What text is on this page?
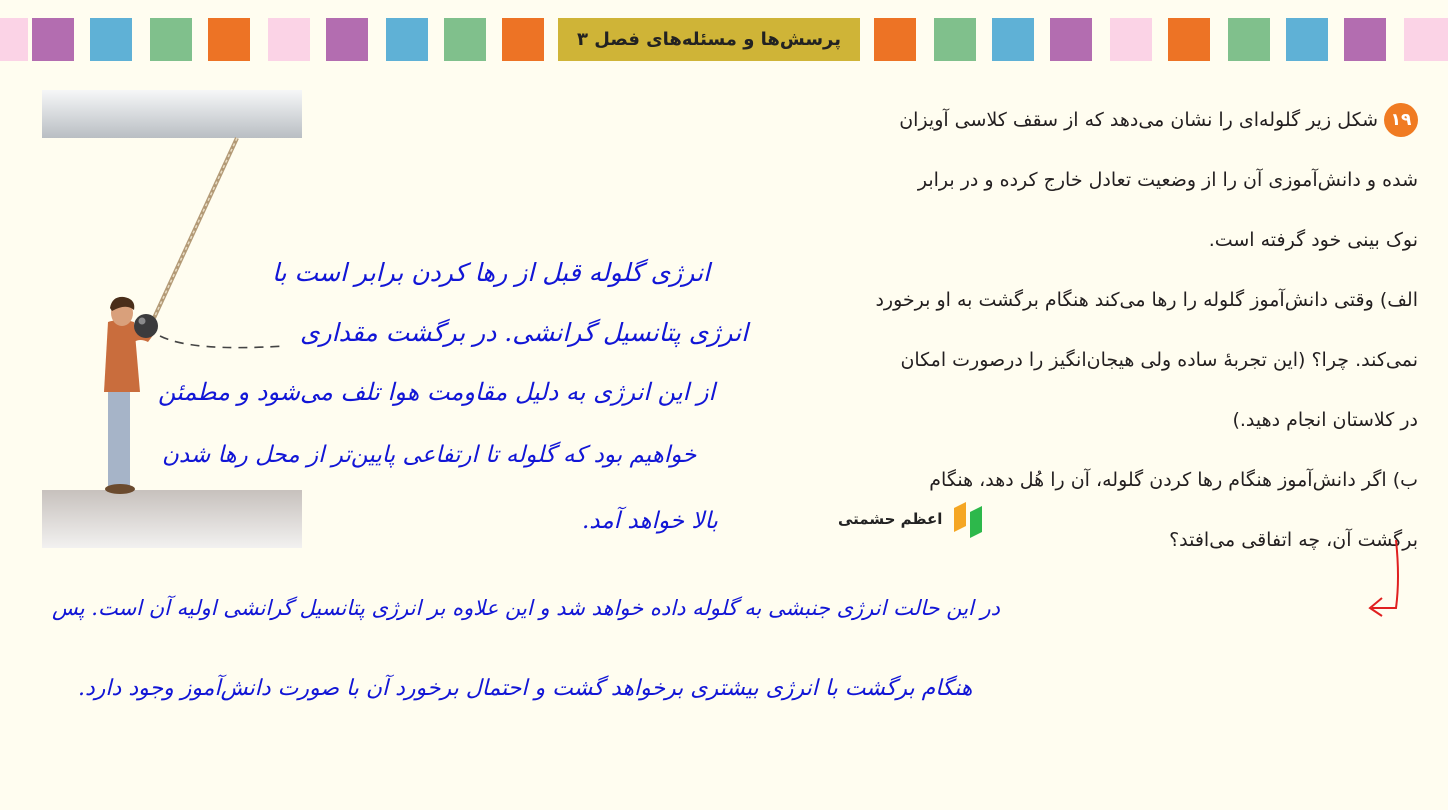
پرسش‌ها و مسئله‌های فصل ۳
۱۹
شکل زیر گلوله‌ای را نشان می‌دهد که از سقف کلاسی آویزان
شده و دانش‌آموزی آن را از وضعیت تعادل خارج کرده و در برابر
نوک بینی خود گرفته است.
الف) وقتی دانش‌آموز گلوله را رها می‌کند هنگام برگشت به او برخورد
نمی‌کند. چرا؟ (این تجربهٔ ساده ولی هیجان‌انگیز را درصورت امکان
در کلاستان انجام دهید.)
ب) اگر دانش‌آموز هنگام رها کردن گلوله، آن را هُل دهد، هنگام
برگشت آن، چه اتفاقی می‌افتد؟
اعظم حشمتی
انرژی گلوله قبل از رها کردن برابر است با
انرژی پتانسیل گرانشی. در برگشت مقداری
از این انرژی به دلیل مقاومت هوا تلف می‌شود و مطمئن
خواهیم بود که گلوله تا ارتفاعی پایین‌تر از محل رها شدن
بالا خواهد آمد.
در این حالت انرژی جنبشی به گلوله داده خواهد شد و این علاوه بر انرژی پتانسیل گرانشی اولیه آن است. پس
هنگام برگشت با انرژی بیشتری برخواهد گشت و احتمال برخورد آن با صورت دانش‌آموز وجود دارد.
